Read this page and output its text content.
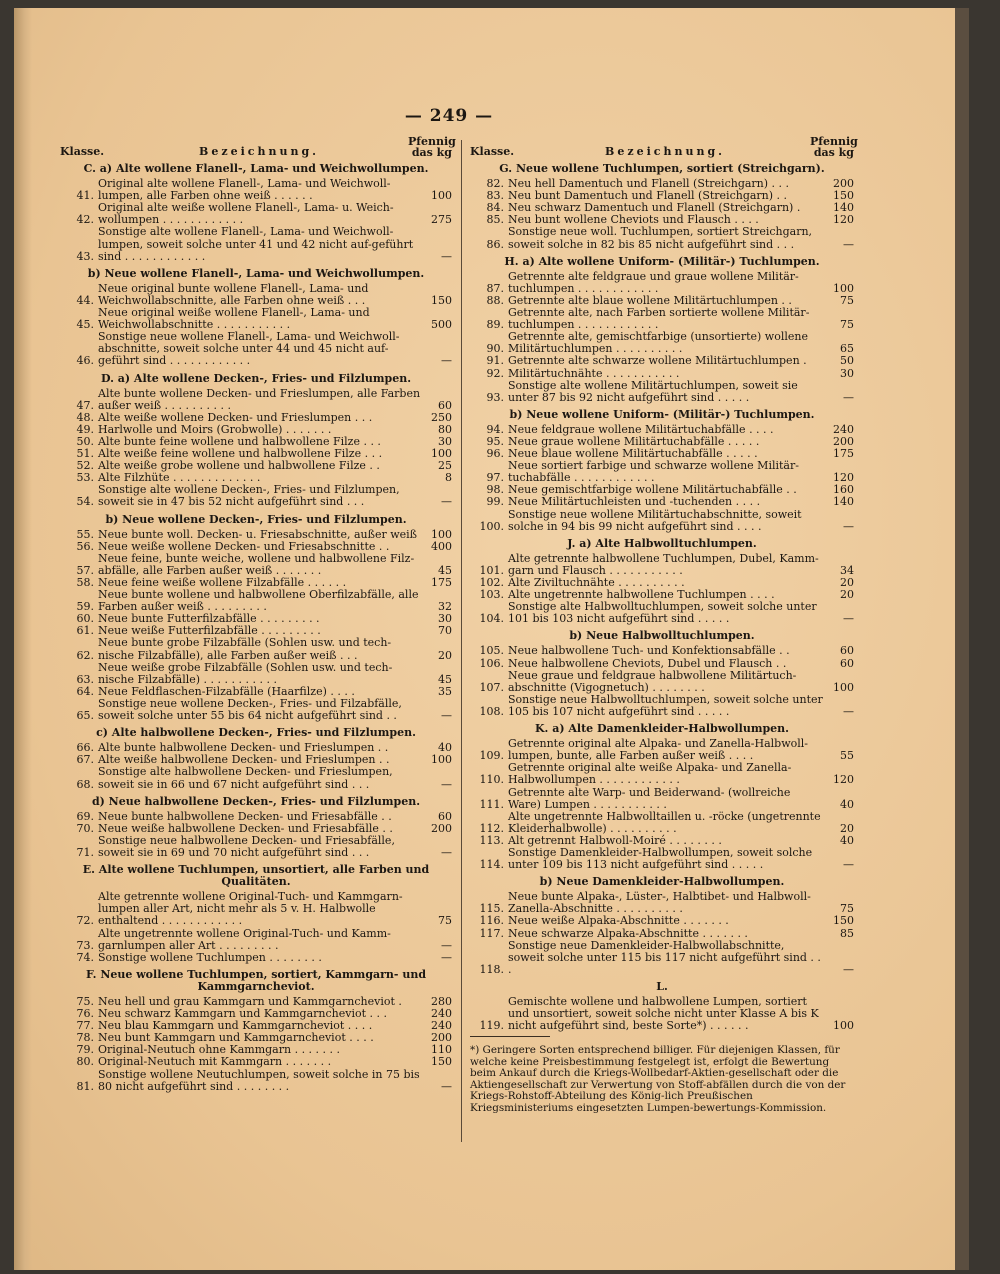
— 249 —
Klasse.	Bezeichnung.
Pfennig das kg
C. a) Alte wollene Flanell-, Lama- und Weichwollumpen.
41.
Original alte wollene Flanell-, Lama- und Weichwoll-lumpen, alle Farben ohne weiß . . . . . .	100
42.
Original alte weiße wollene Flanell-, Lama- u. Weich-wollumpen . . . . . . . . . . . .	275
43.
Sonstige alte wollene Flanell-, Lama- und Weichwoll-lumpen, soweit solche unter 41 und 42 nicht auf-geführt sind . . . . . . . . . . . .	—
b) Neue wollene Flanell-, Lama- und Weichwollumpen.
44.
Neue original bunte wollene Flanell-, Lama- und Weichwollabschnitte, alle Farben ohne weiß . . .	150
45.
Neue original weiße wollene Flanell-, Lama- und Weichwollabschnitte . . . . . . . . . . .	500
46.
Sonstige neue wollene Flanell-, Lama- und Weichwoll-abschnitte, soweit solche unter 44 und 45 nicht auf-geführt sind . . . . . . . . . . . .	—
D. a) Alte wollene Decken-, Fries- und Filzlumpen.
47.
Alte bunte wollene Decken- und Frieslumpen, alle Farben außer weiß . . . . . . . . . .	60
48. Alte weiße wollene Decken- und Frieslumpen . . .	250
49. Harlwolle und Moirs (Grobwolle) . . . . . . .	80
50. Alte bunte feine wollene und halbwollene Filze . . .	30
51. Alte weiße feine wollene und halbwollene Filze . . .	100
52. Alte weiße grobe wollene und halbwollene Filze . .	25
53. Alte Filzhüte . . . . . . . . . . . . .	8
54.
Sonstige alte wollene Decken-, Fries- und Filzlumpen, soweit sie in 47 bis 52 nicht aufgeführt sind . . .	—
b) Neue wollene Decken-, Fries- und Filzlumpen.
55. Neue bunte woll. Decken- u. Friesabschnitte, außer weiß	100
56. Neue weiße wollene Decken- und Friesabschnitte . .	400
57.
Neue feine, bunte weiche, wollene und halbwollene Filz-abfälle, alle Farben außer weiß . . . . . . .	45
58. Neue feine weiße wollene Filzabfälle . . . . . .	175
59.
Neue bunte wollene und halbwollene Oberfilzabfälle, alle Farben außer weiß . . . . . . . . .	32
60. Neue bunte Futterfilzabfälle . . . . . . . . .	30
61. Neue weiße Futterfilzabfälle . . . . . . . . .	70
62.
Neue bunte grobe Filzabfälle (Sohlen usw. und tech-nische Filzabfälle), alle Farben außer weiß . . .	20
63.
Neue weiße grobe Filzabfälle (Sohlen usw. und tech-nische Filzabfälle) . . . . . . . . . . .	45
64. Neue Feldflaschen-Filzabfälle (Haarfilze) . . . .	35
65.
Sonstige neue wollene Decken-, Fries- und Filzabfälle, soweit solche unter 55 bis 64 nicht aufgeführt sind . .	—
c) Alte halbwollene Decken-, Fries- und Filzlumpen.
66. Alte bunte halbwollene Decken- und Frieslumpen . .	40
67. Alte weiße halbwollene Decken- und Frieslumpen . .	100
68.
Sonstige alte halbwollene Decken- und Frieslumpen, soweit sie in 66 und 67 nicht aufgeführt sind . . .	—
d) Neue halbwollene Decken-, Fries- und Filzlumpen.
69. Neue bunte halbwollene Decken- und Friesabfälle . .	60
70. Neue weiße halbwollene Decken- und Friesabfälle . .	200
71.
Sonstige neue halbwollene Decken- und Friesabfälle, soweit sie in 69 und 70 nicht aufgeführt sind . . .	—
E. Alte wollene Tuchlumpen, unsortiert, alle Farben und Qualitäten.
72.
Alte getrennte wollene Original-Tuch- und Kammgarn-lumpen aller Art, nicht mehr als 5 v. H. Halbwolle enthaltend . . . . . . . . . . . .	75
73.
Alte ungetrennte wollene Original-Tuch- und Kamm-garnlumpen aller Art . . . . . . . . .	—
74. Sonstige wollene Tuchlumpen . . . . . . . .	—
F. Neue wollene Tuchlumpen, sortiert, Kammgarn- und Kammgarncheviot.
75. Neu hell und grau Kammgarn und Kammgarncheviot .	280
76. Neu schwarz Kammgarn und Kammgarncheviot . . .	240
77. Neu blau Kammgarn und Kammgarncheviot . . . .	240
78. Neu bunt Kammgarn und Kammgarncheviot . . . .	200
79. Original-Neutuch ohne Kammgarn . . . . . . .	110
80. Original-Neutuch mit Kammgarn . . . . . . .	150
81.
Sonstige wollene Neutuchlumpen, soweit solche in 75 bis 80 nicht aufgeführt sind . . . . . . . .	—
Klasse.	Bezeichnung.
Pfennig das kg
G. Neue wollene Tuchlumpen, sortiert (Streichgarn).
82. Neu hell Damentuch und Flanell (Streichgarn) . . .	200
83. Neu bunt Damentuch und Flanell (Streichgarn) . .	150
84. Neu schwarz Damentuch und Flanell (Streichgarn) .	140
85. Neu bunt wollene Cheviots und Flausch . . . .	120
86.
Sonstige neue woll. Tuchlumpen, sortiert Streichgarn, soweit solche in 82 bis 85 nicht aufgeführt sind . . .	—
H. a) Alte wollene Uniform- (Militär-) Tuchlumpen.
87.
Getrennte alte feldgraue und graue wollene Militär-tuchlumpen . . . . . . . . . . . .	100
88. Getrennte alte blaue wollene Militärtuchlumpen . .	75
89.
Getrennte alte, nach Farben sortierte wollene Militär-tuchlumpen . . . . . . . . . . . .	75
90.
Getrennte alte, gemischtfarbige (unsortierte) wollene Militärtuchlumpen . . . . . . . . . .	65
91. Getrennte alte schwarze wollene Militärtuchlumpen .	50
92. Militärtuchnähte . . . . . . . . . . .	30
93.
Sonstige alte wollene Militärtuchlumpen, soweit sie unter 87 bis 92 nicht aufgeführt sind . . . . .	—
b) Neue wollene Uniform- (Militär-) Tuchlumpen.
94. Neue feldgraue wollene Militärtuchabfälle . . . .	240
95. Neue graue wollene Militärtuchabfälle . . . . .	200
96. Neue blaue wollene Militärtuchabfälle . . . . .	175
97.
Neue sortiert farbige und schwarze wollene Militär-tuchabfälle . . . . . . . . . . . .	120
98. Neue gemischtfarbige wollene Militärtuchabfälle . .	160
99. Neue Militärtuchleisten und -tuchenden . . . .	140
100.
Sonstige neue wollene Militärtuchabschnitte, soweit solche in 94 bis 99 nicht aufgeführt sind . . . .	—
J. a) Alte Halbwolltuchlumpen.
101.
Alte getrennte halbwollene Tuchlumpen, Dubel, Kamm-garn und Flausch . . . . . . . . . . .	34
102. Alte Ziviltuchnähte . . . . . . . . . .	20
103. Alte ungetrennte halbwollene Tuchlumpen . . . .	20
104.
Sonstige alte Halbwolltuchlumpen, soweit solche unter 101 bis 103 nicht aufgeführt sind . . . . .	—
b) Neue Halbwolltuchlumpen.
105. Neue halbwollene Tuch- und Konfektionsabfälle . .	60
106. Neue halbwollene Cheviots, Dubel und Flausch . .	60
107.
Neue graue und feldgraue halbwollene Militärtuch-abschnitte (Vigognetuch) . . . . . . . .	100
108.
Sonstige neue Halbwolltuchlumpen, soweit solche unter 105 bis 107 nicht aufgeführt sind . . . . .	—
K. a) Alte Damenkleider-Halbwollumpen.
109.
Getrennte original alte Alpaka- und Zanella-Halbwoll-lumpen, bunte, alle Farben außer weiß . . . .	55
110.
Getrennte original alte weiße Alpaka- und Zanella-Halbwollumpen . . . . . . . . . . . .	120
111.
Getrennte alte Warp- und Beiderwand- (wollreiche Ware) Lumpen . . . . . . . . . . .	40
112.
Alte ungetrennte Halbwolltaillen u. -röcke (ungetrennte Kleiderhalbwolle) . . . . . . . . . .	20
113. Alt getrennt Halbwoll-Moiré . . . . . . . .	40
114.
Sonstige Damenkleider-Halbwollumpen, soweit solche unter 109 bis 113 nicht aufgeführt sind . . . . .	—
b) Neue Damenkleider-Halbwollumpen.
115.
Neue bunte Alpaka-, Lüster-, Halbtibet- und Halbwoll-Zanella-Abschnitte . . . . . . . . . .	75
116. Neue weiße Alpaka-Abschnitte . . . . . . .	150
117. Neue schwarze Alpaka-Abschnitte . . . . . . .	85
118.
Sonstige neue Damenkleider-Halbwollabschnitte, soweit solche unter 115 bis 117 nicht aufgeführt sind . . .	—
L.
119.
Gemischte wollene und halbwollene Lumpen, sortiert und unsortiert, soweit solche nicht unter Klasse A bis K nicht aufgeführt sind, beste Sorte*) . . . . . .	100
*) Geringere Sorten entsprechend billiger. Für diejenigen Klassen, für welche keine Preisbestimmung festgelegt ist, erfolgt die Bewertung beim Ankauf durch die Kriegs-Wollbedarf-Aktien-gesellschaft oder die Aktiengesellschaft zur Verwertung von Stoff-abfällen durch die von der Kriegs-Rohstoff-Abteilung des König-lich Preußischen Kriegsministeriums eingesetzten Lumpen-bewertungs-Kommission.
